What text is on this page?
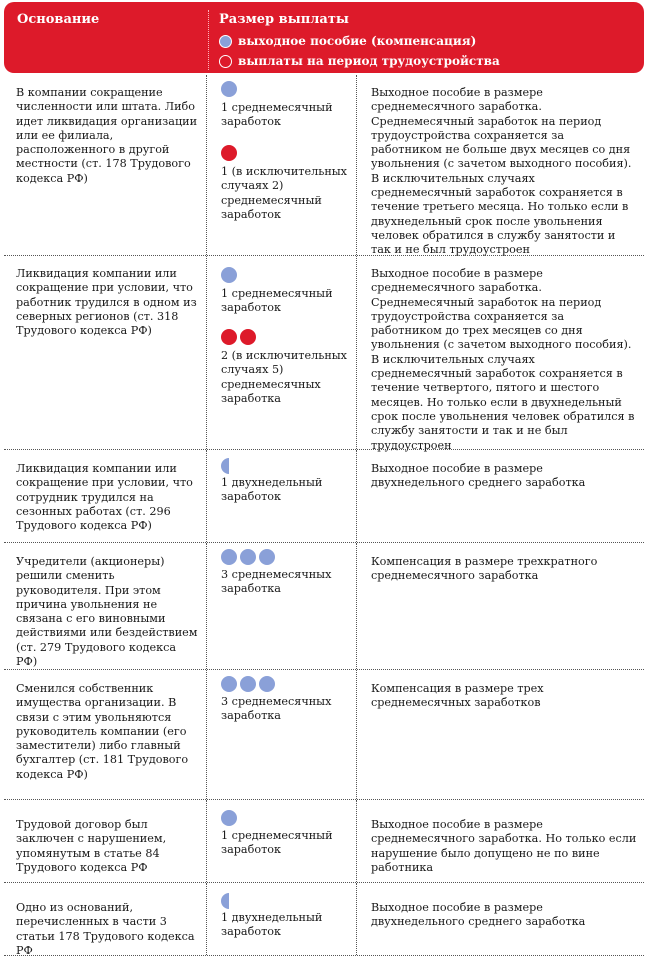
Основание	Размер выплаты
выходное пособие (компенсация)
выплаты на период трудоустройства
В компании сокращение численности или штата. Либо идет ликвидация организации или ее филиала, расположенного в другой местности (ст. 178 Трудового кодекса РФ)
1 среднемесячный заработок
1 (в исключительных случаях 2) среднемесячный заработок
Выходное пособие в размере среднемесячного заработка. Среднемесячный заработок на период трудоустройства сохраняется за работником не больше двух месяцев со дня увольнения (с зачетом выходного пособия). В исключительных случаях среднемесячный заработок сохраняется в течение третьего месяца. Но только если в двухнедельный срок после увольнения человек обратился в службу занятости и так и не был трудоустроен
Ликвидация компании или сокращение при условии, что работник трудился в одном из северных регионов (ст. 318 Трудового кодекса РФ)
1 среднемесячный заработок
2 (в исключительных случаях 5) среднемесячных заработка
Выходное пособие в размере среднемесячного заработка. Среднемесячный заработок на период трудоустройства сохраняется за работником до трех месяцев со дня увольнения (с зачетом выходного пособия). В исключительных случаях среднемесячный заработок сохраняется в течение четвертого, пятого и шестого месяцев. Но только если в двухнедельный срок после увольнения человек обратился в службу занятости и так и не был трудоустроен
Ликвидация компании или сокращение при условии, что сотрудник трудился на сезонных работах (ст. 296 Трудового кодекса РФ)
1 двухнедельный заработок
Выходное пособие в размере двухнедельного среднего заработка
Учредители (акционеры) решили сменить руководителя. При этом причина увольнения не связана с его виновными действиями или бездействием (ст. 279 Трудового кодекса РФ)
3 среднемесячных заработка
Компенсация в размере трехкратного среднемесячного заработка
Сменился собственник имущества организации. В связи с этим увольняются руководитель компании (его заместители) либо главный бухгалтер (ст. 181 Трудового кодекса РФ)
3 среднемесячных заработка
Компенсация в размере трех среднемесячных заработков
Трудовой договор был заключен с нарушением, упомянутым в статье 84 Трудового кодекса РФ
1 среднемесячный заработок
Выходное пособие в размере среднемесячного заработка. Но только если нарушение было допущено не по вине работника
Одно из оснований, перечисленных в части 3 статьи 178 Трудового кодекса РФ
1 двухнедельный заработок
Выходное пособие в размере двухнедельного среднего заработка
